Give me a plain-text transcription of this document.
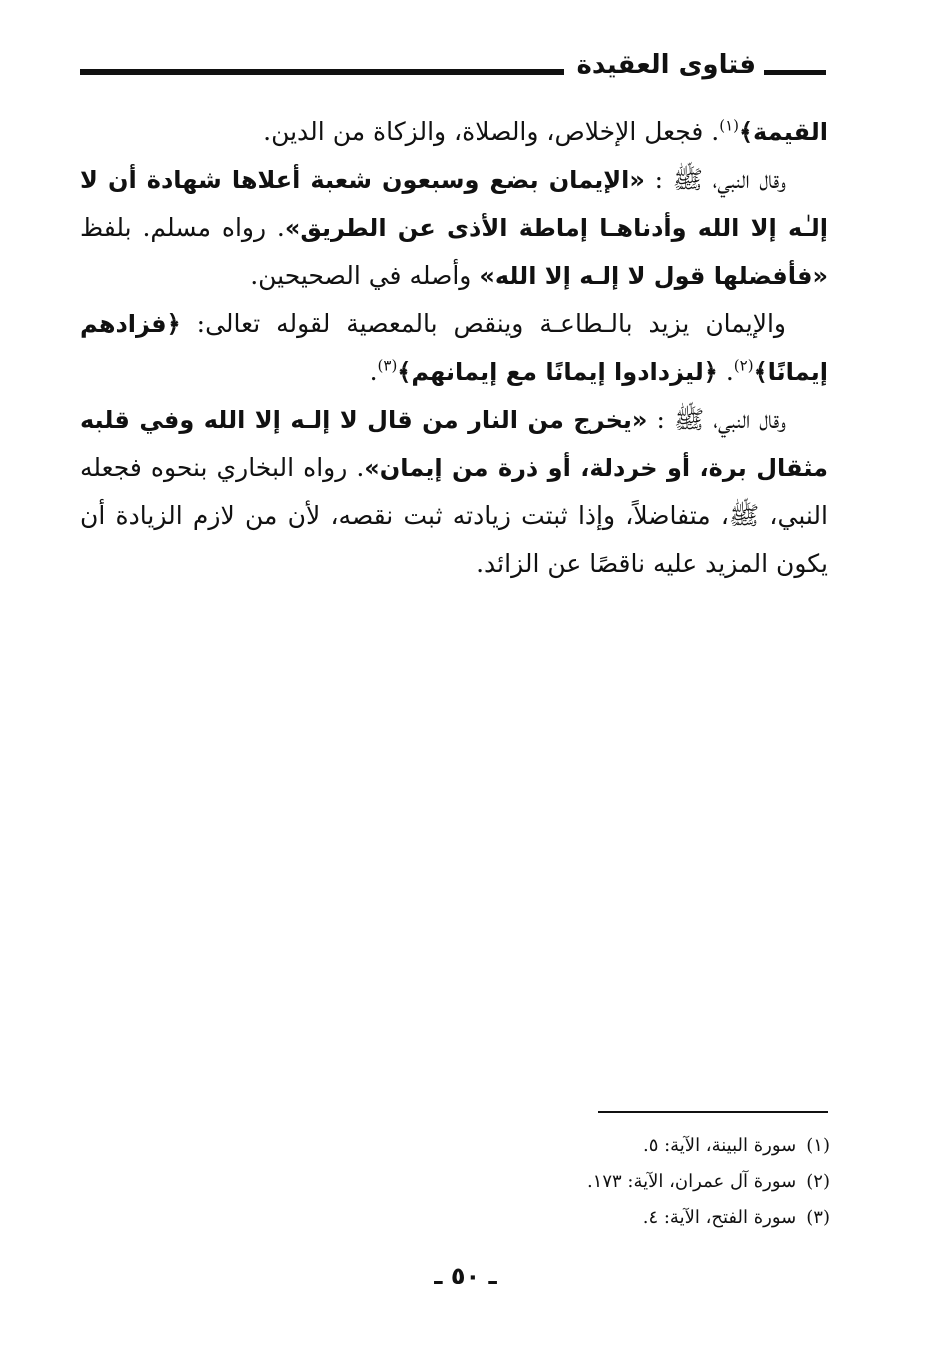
فتاوى العقيدة

القيمة﴾$^{(١)}$. فجعل الإخلاص، والصلاة، والزكاة من الدين.

وقال النبي، ﷺ : «الإيمان بضع وسبعون شعبة أعلاها شهادة أن لا إلـٰه إلا الله وأدناهـا إماطة الأذى عن الطريق». رواه مسلم. بلفظ «فأفضلها قول لا إلـه إلا الله» وأصله في الصحيحين.

والإيمان يزيد بالـطاعـة وينقص بالمعصية لقوله تعالى: ﴿فزادهم إيمانًا﴾$^{(٢)}$. ﴿ليزدادوا إيمانًا مع إيمانهم﴾$^{(٣)}$.

وقال النبي، ﷺ : «يخرج من النار من قال لا إلـه إلا الله وفي قلبه مثقال برة، أو خردلة، أو ذرة من إيمان». رواه البخاري بنحوه فجعله النبي، ﷺ، متفاضلاً، وإذا ثبتت زيادته ثبت نقصه، لأن من لازم الزيادة أن يكون المزيد عليه ناقصًا عن الزائد.

(١)سورة البينة، الآية: ٥.

(٢)سورة آل عمران، الآية: ١٧٣.

(٣)سورة الفتح، الآية: ٤.

ـ ٥٠ ـ
